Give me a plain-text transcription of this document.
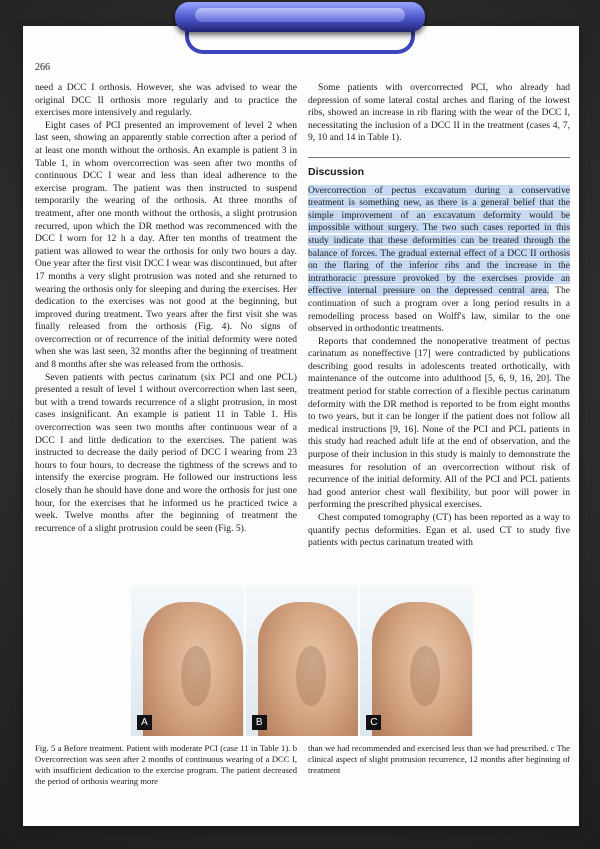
266

need a DCC I orthosis. However, she was advised to wear the original DCC II orthosis more regularly and to practice the exercises more intensively and regularly.

Eight cases of PCI presented an improvement of level 2 when last seen, showing an apparently stable correction after a period of at least one month without the orthosis. An example is patient 3 in Table 1, in whom overcorrection was seen after two months of continuous DCC I wear and less than ideal adherence to the exercise program. The patient was then instructed to suspend temporarily the wearing of the orthosis. At three months of treatment, after one month without the orthosis, a slight protrusion recurred, upon which the DR method was recommenced with the DCC I worn for 12 h a day. After ten months of treatment the patient was allowed to wear the orthosis for only two hours a day. One year after the first visit DCC I wear was discontinued, but after 17 months a very slight protrusion was noted and she returned to wearing the orthosis only for sleeping and during the exercises. Her dedication to the exercises was not good at the beginning, but improved during treatment. Two years after the first visit she was finally released from the orthosis (Fig. 4). No signs of overcorrection or of recurrence of the initial deformity were noted when she was last seen, 32 months after the beginning of treatment and 8 months after she was released from the orthosis.

Seven patients with pectus carinatum (six PCI and one PCL) presented a result of level 1 without overcorrection when last seen, but with a trend towards recurrence of a slight protrusion, in most cases insignificant. An example is patient 11 in Table 1. His overcorrection was seen two months after continuous wear of a DCC I and little dedication to the exercises. The patient was instructed to decrease the daily period of DCC I wearing from 23 hours to four hours, to decrease the tightness of the screws and to intensify the exercise program. He followed our instructions less closely than he should have done and wore the orthosis for just one hour, for the exercises that he informed us he practiced twice a week. Twelve months after the beginning of treatment the recurrence of a slight protrusion could be seen (Fig. 5).

Some patients with overcorrected PCI, who already had depression of some lateral costal arches and flaring of the lowest ribs, showed an increase in rib flaring with the wear of the DCC I, necessitating the inclusion of a DCC II in the treatment (cases 4, 7, 9, 10 and 14 in Table 1).

Discussion

Overcorrection of pectus excavatum during a conservative treatment is something new, as there is a general belief that the simple improvement of an excavatum deformity would be impossible without surgery. The two such cases reported in this study indicate that these deformities can be treated through the balance of forces. The gradual external effect of a DCC II orthosis on the flaring of the inferior ribs and the increase in the intrathoracic pressure provoked by the exercises provide an effective internal pressure on the depressed central area. The continuation of such a program over a long period results in a remodelling process based on Wolff's law, similar to the one observed in orthodontic treatments.

Reports that condemned the nonoperative treatment of pectus carinatum as noneffective [17] were contradicted by publications describing good results in adolescents treated orthotically, with maintenance of the outcome into adulthood [5, 6, 9, 16, 20]. The treatment period for stable correction of a flexible pectus carinatum deformity with the DR method is reported to be from eight months to two years, but it can be longer if the patient does not follow all medical instructions [9, 16]. None of the PCI and PCL patients in this study had reached adult life at the end of observation, and the purpose of their inclusion in this study is mainly to demonstrate the measures for resolution of an overcorrection without risk of recurrence of the initial deformity. All of the PCI and PCL patients had good anterior chest wall flexibility, but poor will power in performing the prescribed physical exercises.

Chest computed tomography (CT) has been reported as a way to quantify pectus deformities. Egan et al. used CT to study five patients with pectus carinatum treated with

A	B	C
Fig. 5 a Before treatment. Patient with moderate PCI (case 11 in Table 1). b Overcorrection was seen after 2 months of continuous wearing of a DCC I, with insufficient dedication to the exercise program. The patient decreased the period of orthosis wearing more
than we had recommended and exercised less than we had prescribed. c The clinical aspect of slight protrusion recurrence, 12 months after beginning of treatment
